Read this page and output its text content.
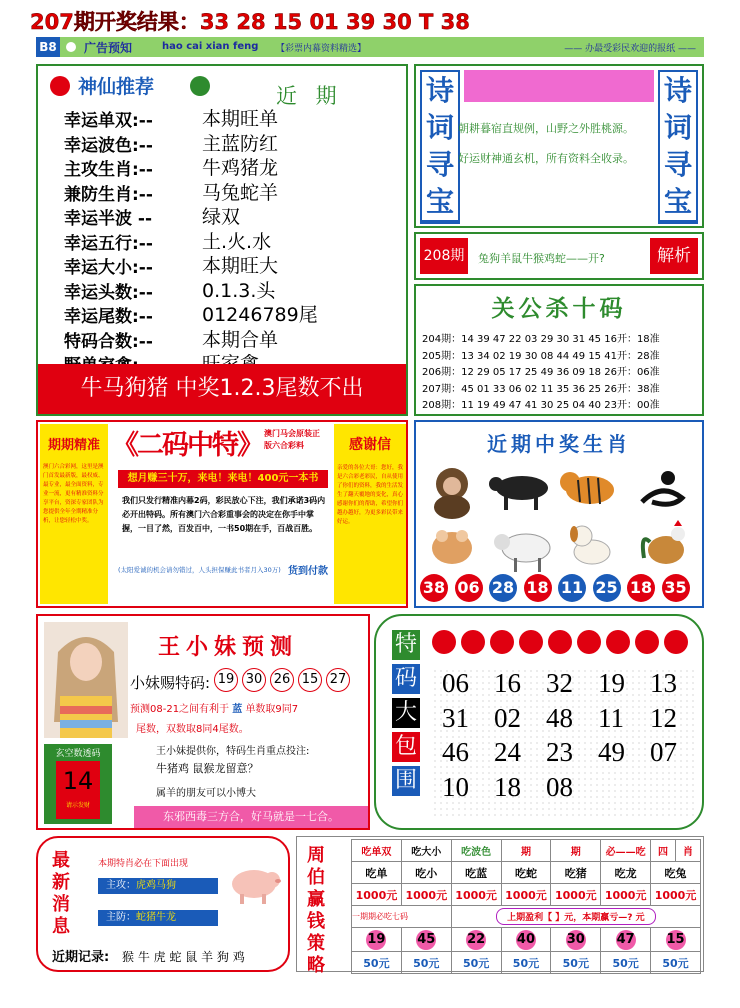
207期开奖结果：33 28 15 01 39 30 T 38
B8 广告预知	hao cai xian feng 【彩票内幕资料精选】	—— 办最受彩民欢迎的报纸 ——
神仙推荐	近 期
幸运单双:--	本期旺单
幸运波色:--	主蓝防红
主攻生肖:--	牛鸡猪龙
兼防生肖:--	马兔蛇羊
幸运半波 --	绿双
幸运五行:--	土.火.水
幸运大小:--	本期旺大
幸运头数:--	0.1.3.头
幸运尾数:--	01246789尾
特码合数:--	本期合单
牛马狗猪 中奖1.2.3尾数不出
诗
词
寻
宝
朝耕暮宿直规例，山野之外胜桃源。
好运财神通玄机，所有资料全收录。
诗
词
寻
宝
208期	兔狗羊鼠牛猴鸡蛇——开?	解析
关公杀十码
204期：14 39 47 22 03 29 30 31 45 16开：18准
205期：13 34 02 19 30 08 44 49 15 41开：28准
206期：12 29 05 17 25 49 36 09 18 26开：06准
207期：45 01 33 06 02 11 35 36 25 26开：38准
208期：11 19 49 47 41 30 25 04 40 23开：00准
期期精准
澳门六合彩网，这里是澳门首发最新版，最权威、最专业，最全面资料，专业一流，更有精准资料分享平台，资深专家团队为您提供全年全期精准分析，让您轻松中奖。
《二码中特》 澳门马会原装正版六合彩料
想月赚三十万，来电！来电！400元一本书
我们只发行精准内幕2码，彩民放心下注，我们承诺3码内必开出特码。所有澳门六合彩重事会的决定在你手中掌握，一目了然，百发百中，一书50期在手，百战百胜。
(太阳爱诚的机会请勿错过，人头担保赚此书者月入30万) 货到付款
感谢信
亲爱的各位大哥：您好，我是六合彩老彩民，自从使用了你们的资料，我的生活发生了翻天覆地的变化，真心感谢你们的帮助，希望你们越办越好，为更多彩民带来好运。
近期中奖生肖
38 06 28 18 11 25 18 35
王小妹预测
小妹赐特码: 19 30 26 15 27
预测08-21之间有利于 蓝 单数取9同7
尾数，双数取8同4尾数。
王小妹提供你，特码生肖重点投注:
牛猪鸡 鼠猴龙留意？
属羊的朋友可以小博大
东邪西毒三方合，好马就是一七合。
玄空数透码
14
请示发财
特
码
大
包
围
06 16 32 19 13
31 02 48 11 12
46 24 23 49 07
10 18 08
最新消息
本期特肖必在下面出现
主攻：虎鸡马狗
主防：蛇猪牛龙
近期记录: 猴 牛 虎 蛇 鼠 羊 狗 鸡
周伯赢钱策略
吃单双	吃大小	吃波色	期	期	必——吃	四	肖
吃单	吃小	吃蓝	吃蛇	吃猪	吃龙	吃兔	
1000元	1000元	1000元	1000元	1000元	1000元	1000元	
一期期必吃七码		上期盈利【 】元，本期赢亏—? 元					
19	45	22	40	30	47	15	
50元	50元	50元	50元	50元	50元	50元	
